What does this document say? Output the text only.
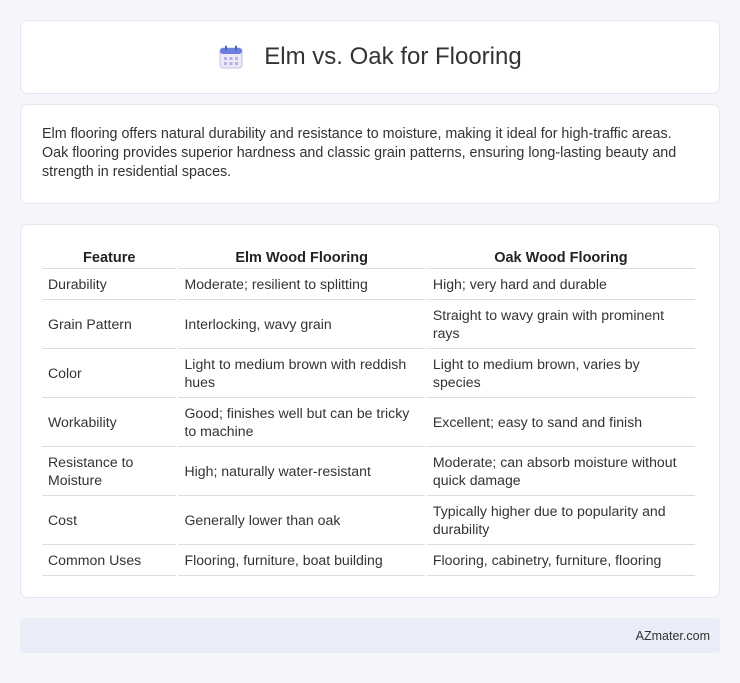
Elm vs. Oak for Flooring

Elm flooring offers natural durability and resistance to moisture, making it ideal for high-traffic areas. Oak flooring provides superior hardness and classic grain patterns, ensuring long-lasting beauty and strength in residential spaces.

Feature	Elm Wood Flooring	Oak Wood Flooring
Durability	Moderate; resilient to splitting	High; very hard and durable
Grain Pattern	Interlocking, wavy grain	Straight to wavy grain with prominent rays
Color	Light to medium brown with reddish hues	Light to medium brown, varies by species
Workability	Good; finishes well but can be tricky to machine	Excellent; easy to sand and finish
Resistance to Moisture	High; naturally water-resistant	Moderate; can absorb moisture without quick damage
Cost	Generally lower than oak	Typically higher due to popularity and durability
Common Uses	Flooring, furniture, boat building	Flooring, cabinetry, furniture, flooring
AZmater.com
